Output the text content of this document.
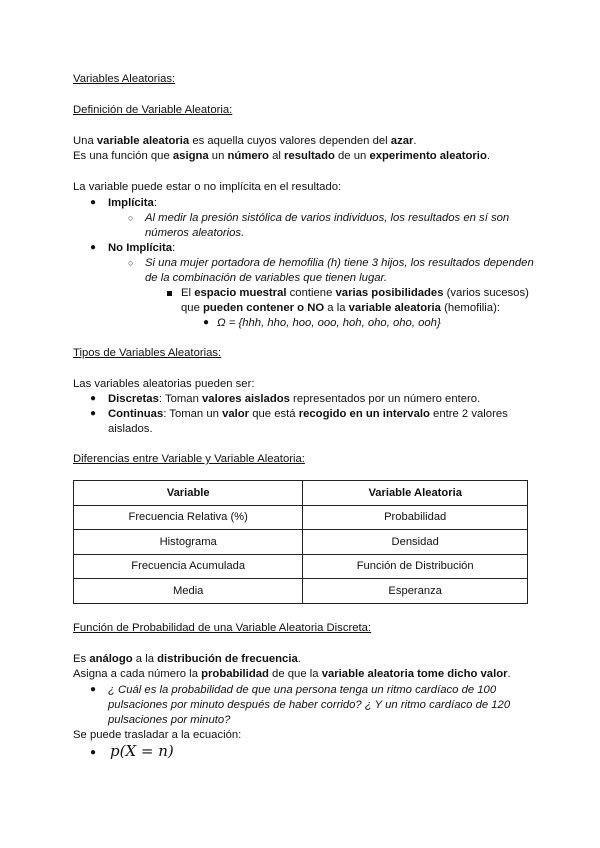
Variables Aleatorias:
Definición de Variable Aleatoria:
Una variable aleatoria es aquella cuyos valores dependen del azar.
Es una función que asigna un número al resultado de un experimento aleatorio.
La variable puede estar o no implícita en el resultado:
● Implícita:
○ Al medir la presión sistólica de varios individuos, los resultados en sí son
números aleatorios.
● No Implícita:
○ Si una mujer portadora de hemofilia (h) tiene 3 hijos, los resultados dependen
de la combinación de variables que tienen lugar.
El espacio muestral contiene varias posibilidades (varios sucesos)
que pueden contener o NO a la variable aleatoria (hemofilia):
● Ω = {hhh, hho, hoo, ooo, hoh, oho, oho, ooh}
Tipos de Variables Aleatorias:
Las variables aleatorias pueden ser:
● Discretas: Toman valores aislados representados por un número entero.
● Continuas: Toman un valor que está recogido en un intervalo entre 2 valores
aislados.
Diferencias entre Variable y Variable Aleatoria:
Variable	Variable Aleatoria
Frecuencia Relativa (%)	Probabilidad
Histograma	Densidad
Frecuencia Acumulada	Función de Distribución
Media	Esperanza
Función de Probabilidad de una Variable Aleatoria Discreta:
Es análogo a la distribución de frecuencia.
Asigna a cada número la probabilidad de que la variable aleatoria tome dicho valor.
● ¿ Cuál es la probabilidad de que una persona tenga un ritmo cardíaco de 100
pulsaciones por minuto después de haber corrido? ¿ Y un ritmo cardíaco de 120
pulsaciones por minuto?
Se puede trasladar a la ecuación:
● p(X = n)
